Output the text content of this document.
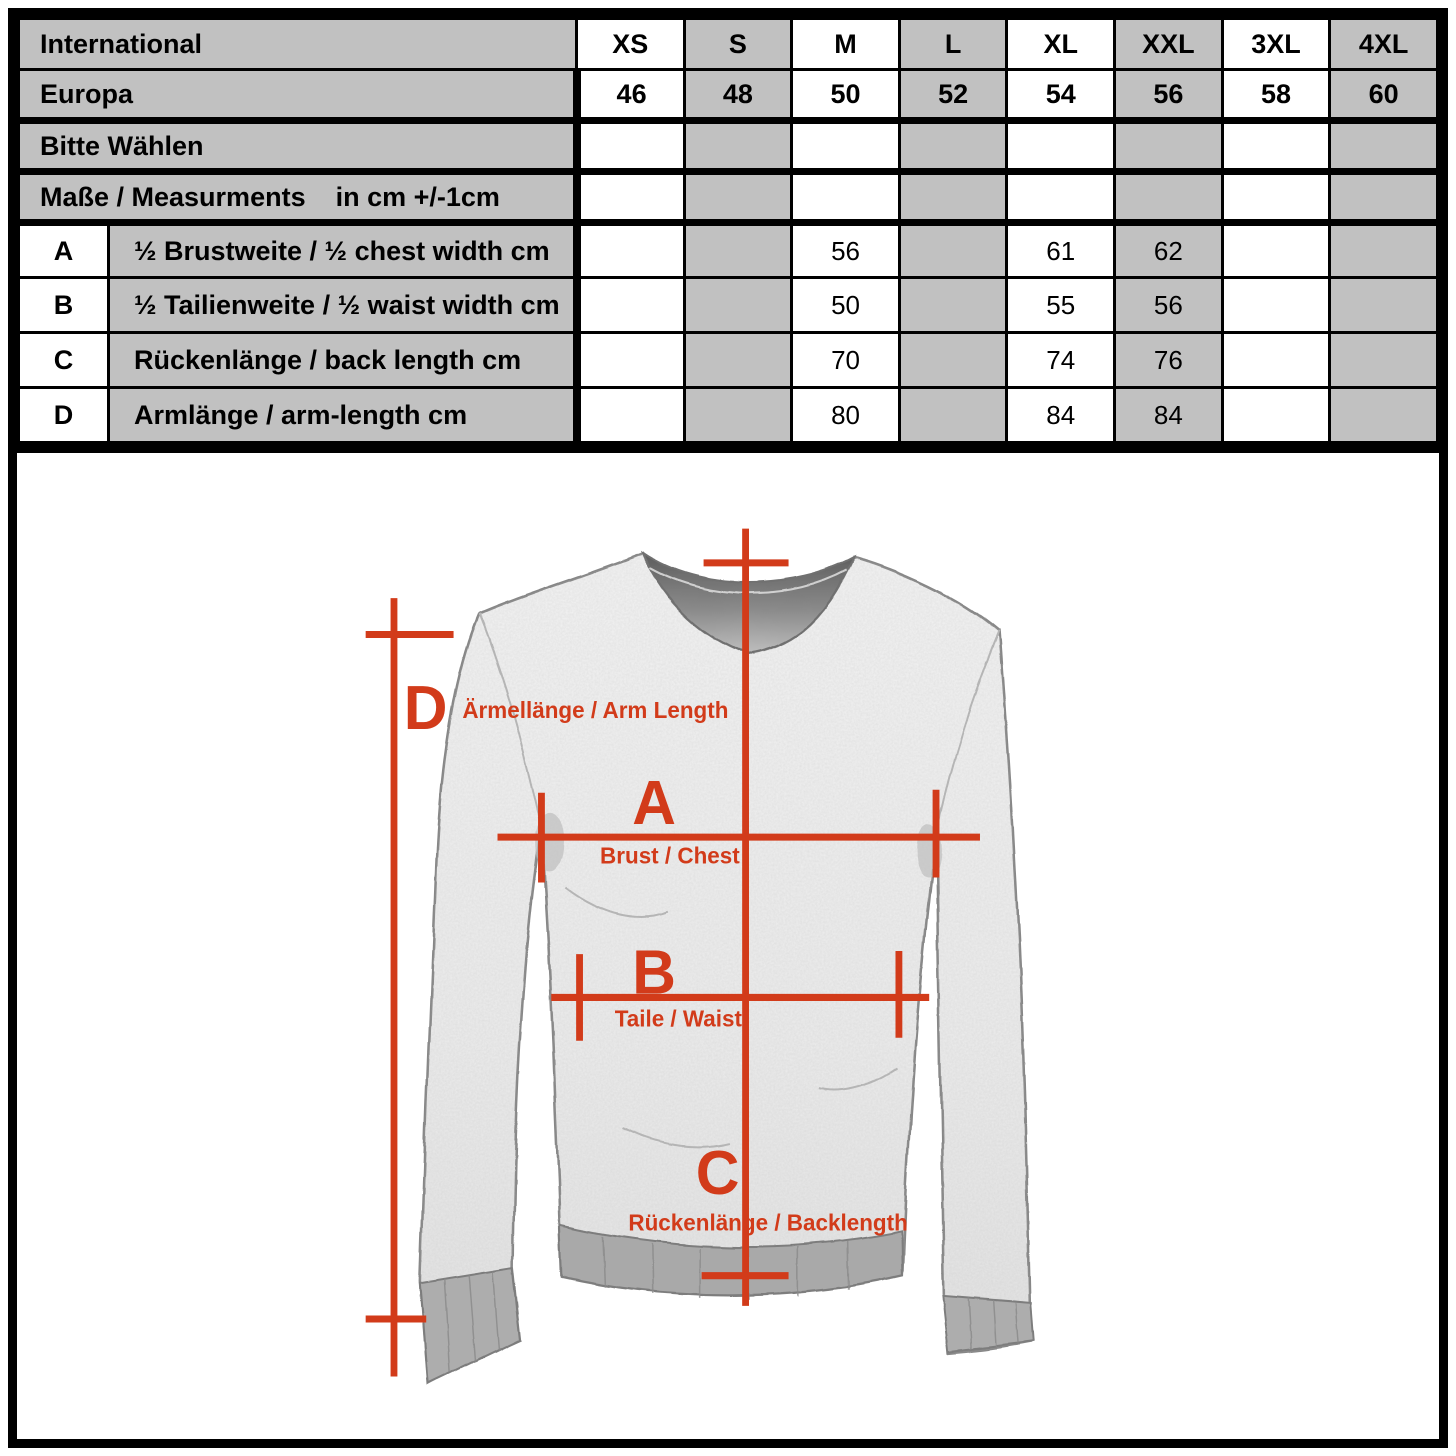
International		XS	S	M	L	XL	XXL	3XL	4XL
Europa		46	48	50	52	54	56	58	60
Bitte Wählen									
Maße / Measurments    in cm +/-1cm									
A	½ Brustweite / ½ chest width cm			56		61	62		
B	½ Tailienweite / ½ waist width cm			50		55	56		
C	Rückenlänge / back length cm			70		74	76		
D	Armlänge / arm-length cm			80		84	84		
D Ärmellänge / Arm Length
A
Brust / Chest
B
Taile / Waist
C
Rückenlänge / Backlength
